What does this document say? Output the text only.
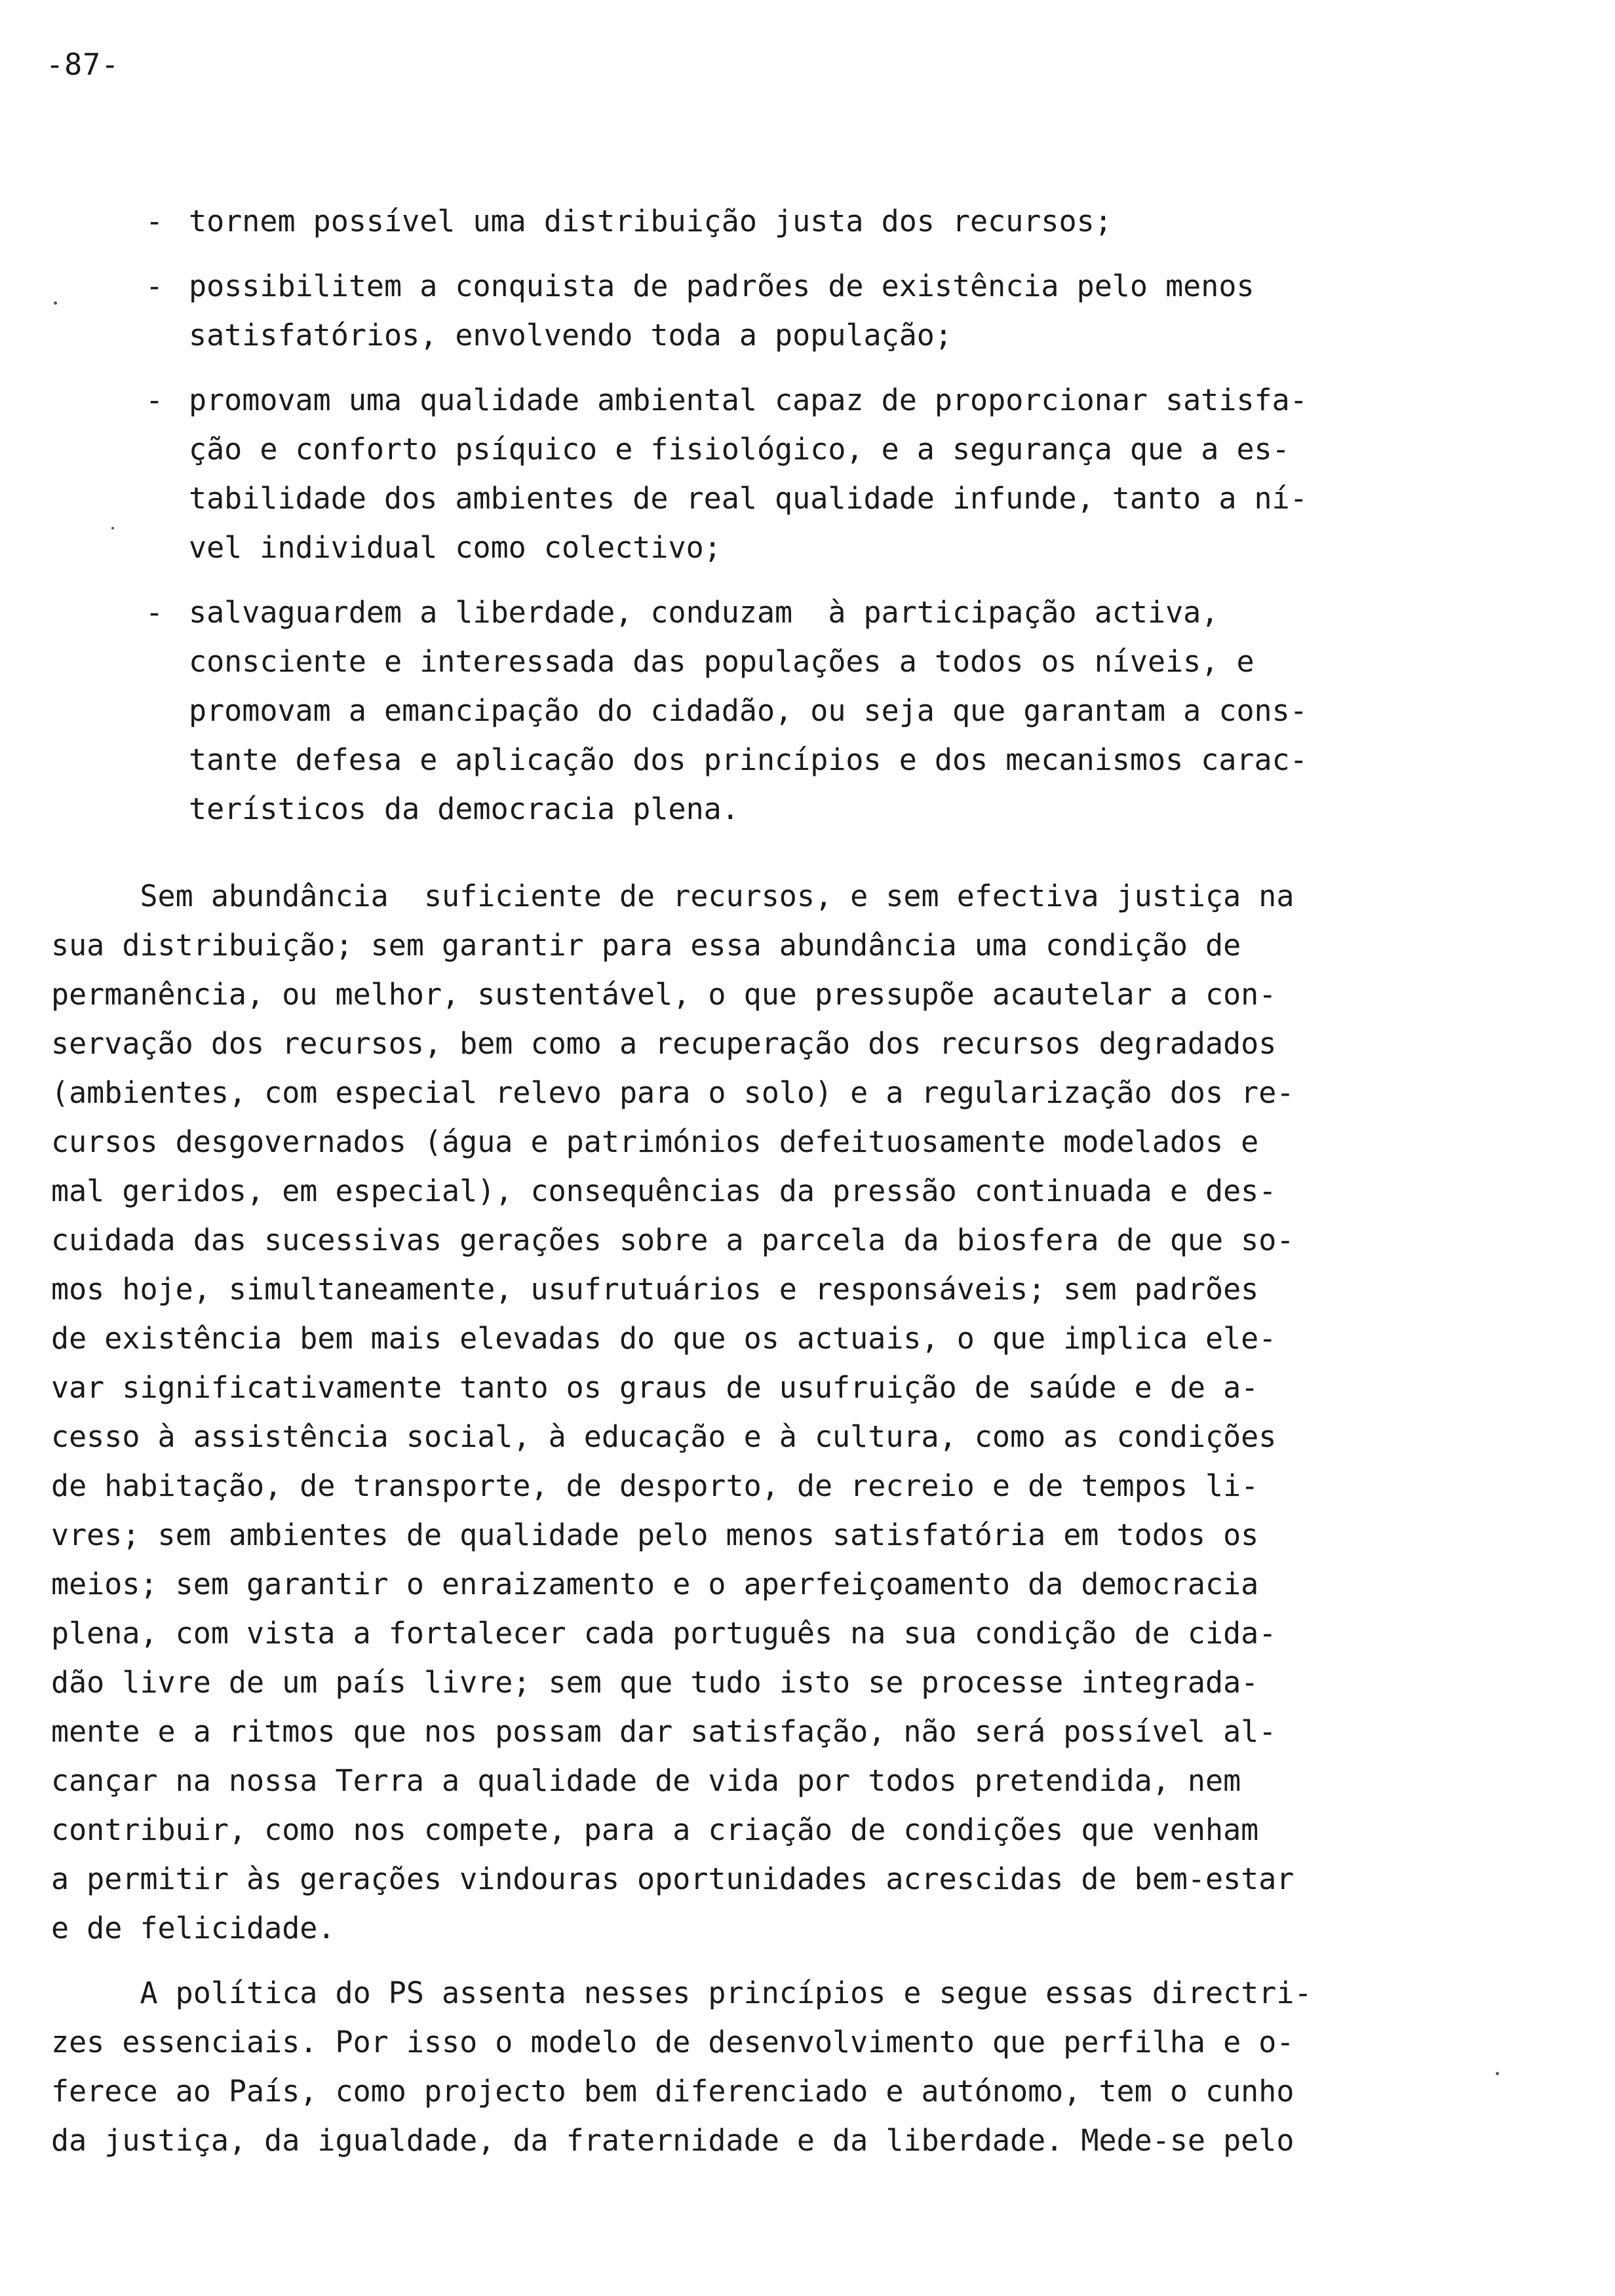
-87-
- tornem possível uma distribuição justa dos recursos;
- possibilitem a conquista de padrões de existência pelo menos
satisfatórios, envolvendo toda a população;
- promovam uma qualidade ambiental capaz de proporcionar satisfa-
ção e conforto psíquico e fisiológico, e a segurança que a es-
tabilidade dos ambientes de real qualidade infunde, tanto a ní-
vel individual como colectivo;
- salvaguardem a liberdade, conduzam  à participação activa,
consciente e interessada das populações a todos os níveis, e
promovam a emancipação do cidadão, ou seja que garantam a cons-
tante defesa e aplicação dos princípios e dos mecanismos carac-
terísticos da democracia plena.
Sem abundância  suficiente de recursos, e sem efectiva justiça na
sua distribuição; sem garantir para essa abundância uma condição de
permanência, ou melhor, sustentável, o que pressupõe acautelar a con-
servação dos recursos, bem como a recuperação dos recursos degradados
(ambientes, com especial relevo para o solo) e a regularização dos re-
cursos desgovernados (água e patrimónios defeituosamente modelados e
mal geridos, em especial), consequências da pressão continuada e des-
cuidada das sucessivas gerações sobre a parcela da biosfera de que so-
mos hoje, simultaneamente, usufrutuários e responsáveis; sem padrões
de existência bem mais elevadas do que os actuais, o que implica ele-
var significativamente tanto os graus de usufruição de saúde e de a-
cesso à assistência social, à educação e à cultura, como as condições
de habitação, de transporte, de desporto, de recreio e de tempos li-
vres; sem ambientes de qualidade pelo menos satisfatória em todos os
meios; sem garantir o enraizamento e o aperfeiçoamento da democracia
plena, com vista a fortalecer cada português na sua condição de cida-
dão livre de um país livre; sem que tudo isto se processe integrada-
mente e a ritmos que nos possam dar satisfação, não será possível al-
cançar na nossa Terra a qualidade de vida por todos pretendida, nem
contribuir, como nos compete, para a criação de condições que venham
a permitir às gerações vindouras oportunidades acrescidas de bem-estar
e de felicidade.
A política do PS assenta nesses princípios e segue essas directri-
zes essenciais. Por isso o modelo de desenvolvimento que perfilha e o-
ferece ao País, como projecto bem diferenciado e autónomo, tem o cunho
da justiça, da igualdade, da fraternidade e da liberdade. Mede-se pelo
